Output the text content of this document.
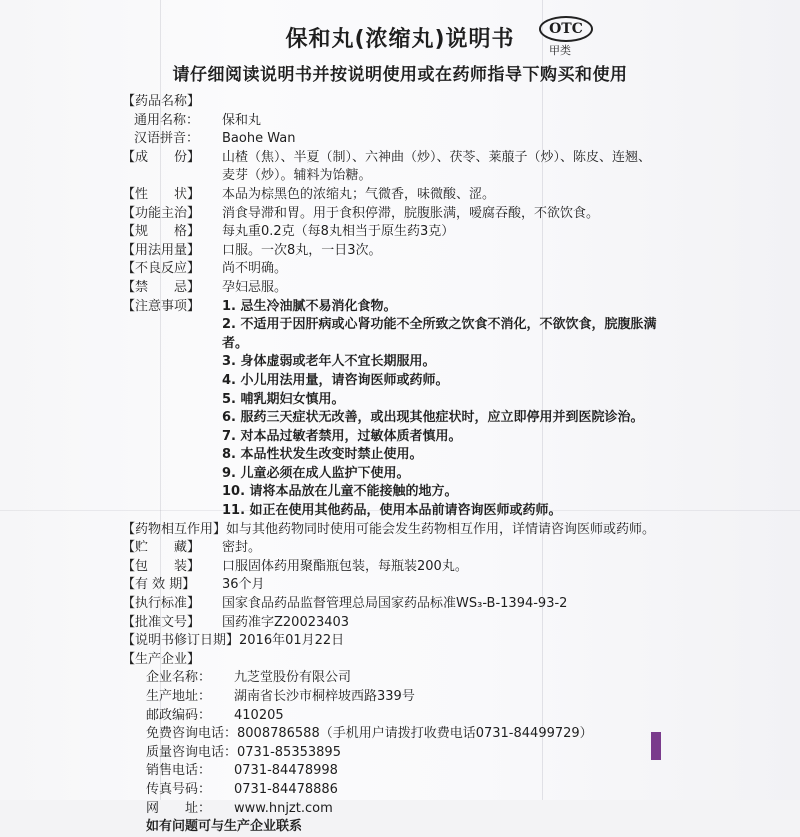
保和丸(浓缩丸)说明书	OTC
甲类
请仔细阅读说明书并按说明使用或在药师指导下购买和使用
【药品名称】
通用名称：	保和丸
汉语拼音：	Baohe Wan
【成　　份】	山楂（焦）、半夏（制）、六神曲（炒）、茯苓、莱菔子（炒）、陈皮、连翘、麦芽（炒）。辅料为饴糖。
【性　　状】	本品为棕黑色的浓缩丸；气微香，味微酸、涩。
【功能主治】	消食导滞和胃。用于食积停滞，脘腹胀满，嗳腐吞酸，不欲饮食。
【规　　格】	每丸重0.2克（每8丸相当于原生药3克）
【用法用量】	口服。一次8丸，一日3次。
【不良反应】	尚不明确。
【禁　　忌】	孕妇忌服。
【注意事项】	1. 忌生冷油腻不易消化食物。
2. 不适用于因肝病或心肾功能不全所致之饮食不消化，不欲饮食，脘腹胀满者。
3. 身体虚弱或老年人不宜长期服用。
4. 小儿用法用量，请咨询医师或药师。
5. 哺乳期妇女慎用。
6. 服药三天症状无改善，或出现其他症状时，应立即停用并到医院诊治。
7. 对本品过敏者禁用，过敏体质者慎用。
8. 本品性状发生改变时禁止使用。
9. 儿童必须在成人监护下使用。
10. 请将本品放在儿童不能接触的地方。
11. 如正在使用其他药品，使用本品前请咨询医师或药师。
【药物相互作用】如与其他药物同时使用可能会发生药物相互作用，详情请咨询医师或药师。
【贮　　藏】	密封。
【包　　装】	口服固体药用聚酯瓶包装，每瓶装200丸。
【有 效 期】	36个月
【执行标准】	国家食品药品监督管理总局国家药品标准WS₃-B-1394-93-2
【批准文号】	国药准字Z20023403
【说明书修订日期】 2016年01月22日
【生产企业】
企业名称：	九芝堂股份有限公司
生产地址：	湖南省长沙市桐梓坡西路339号
邮政编码：	410205
免费咨询电话： 8008786588（手机用户请拨打收费电话0731-84499729）
质量咨询电话： 0731-85353895
销售电话：	0731-84478998
传真号码：	0731-84478886
网　　址：	www.hnjzt.com
如有问题可与生产企业联系
